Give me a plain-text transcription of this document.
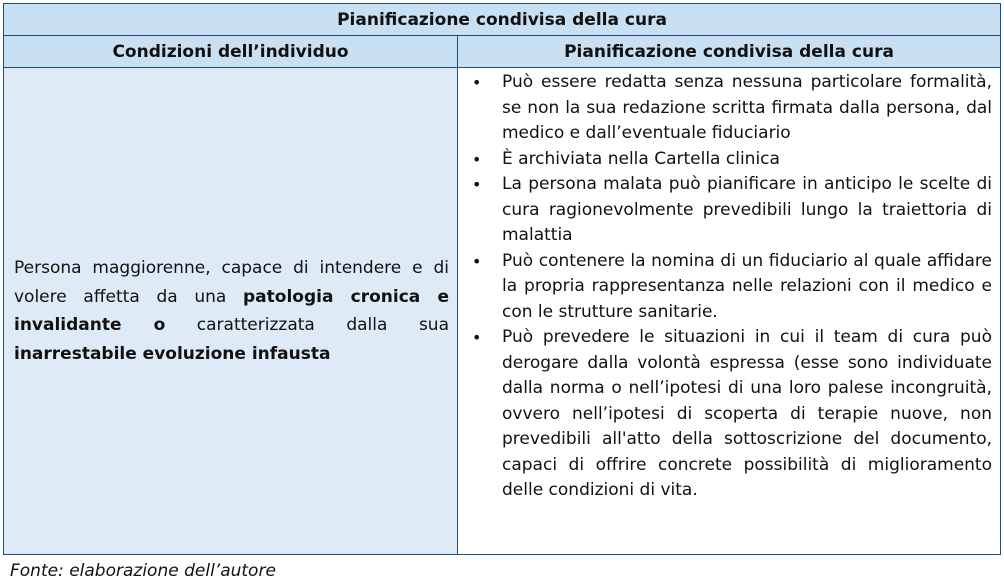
Pianificazione condivisa della cura
Condizioni dell’individuo	Pianificazione condivisa della cura
Persona maggiorenne, capace di intendere e di volere affetta da una patologia cronica e invalidante o caratterizzata dalla sua inarrestabile evoluzione infausta
• Può essere redatta senza nessuna particolare formalità, se non la sua redazione scritta firmata dalla persona, dal medico e dall’eventuale fiduciario
• È archiviata nella Cartella clinica
• La persona malata può pianificare in anticipo le scelte di cura ragionevolmente prevedibili lungo la traiettoria di malattia
• Può contenere la nomina di un fiduciario al quale affidare la propria rappresentanza nelle relazioni con il medico e con le strutture sanitarie.
• Può prevedere le situazioni in cui il team di cura può derogare dalla volontà espressa (esse sono individuate dalla norma o nell’ipotesi di una loro palese incongruità, ovvero nell’ipotesi di scoperta di terapie nuove, non prevedibili all'atto della sottoscrizione del documento, capaci di offrire concrete possibilità di miglioramento delle condizioni di vita.
Fonte: elaborazione dell’autore
